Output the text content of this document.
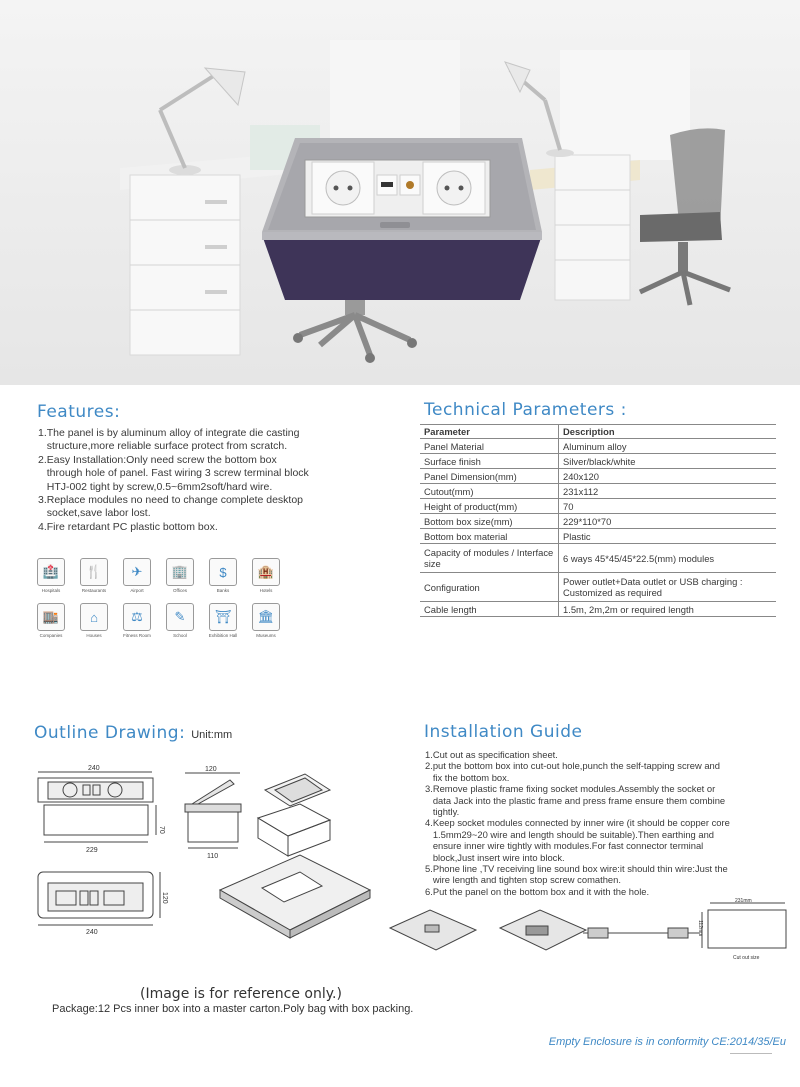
Features:
1.The panel is by aluminum alloy of integrate die casting
structure,more reliable surface protect from scratch.
2.Easy Installation:Only need screw the bottom box
through hole of panel. Fast wiring 3 screw terminal block
HTJ-002 tight by screw,0.5~6mm2soft/hard wire.
3.Replace modules no need to change complete desktop
socket,save labor lost.
4.Fire retardant PC plastic bottom box.
🏥
Hospitals
🍴
Restaurants
✈
Airport
🏢
Offices
$
Banks
🏨
Hotels
🏬
Companies
⌂
Houses
⚖
Fitness Room
✎
School
⛩
Exhibition Hall
🏛
Museums
Technical Parameters :
Parameter	Description
Panel Material	Aluminum alloy
Surface finish	Silver/black/white
Panel Dimension(mm)	240x120
Cutout(mm)	231x112
Height of product(mm)	70
Bottom box size(mm)	229*110*70
Bottom box material	Plastic
Capacity of modules / Interface size	6 ways 45*45/45*22.5(mm) modules
Configuration	Power outlet+Data outlet or USB charging : Customized as required
Cable length	1.5m, 2m,2m or required length
Outline Drawing: Unit:mm
240
229
70
120
240
120
110
231mm
112mm
Cut out size
Installation Guide
1.Cut out as specification sheet.
2.put the bottom box into cut-out hole,punch the self-tapping screw and
fix the bottom box.
3.Remove plastic frame fixing socket modules.Assembly the socket or
data Jack into the plastic frame and press frame ensure them combine
tightly.
4.Keep socket modules connected by inner wire (it should be copper core
1.5mm29~20 wire and length should be suitable).Then earthing and
ensure inner wire tightly with modules.For fast connector terminal
block,Just insert wire into block.
5.Phone line ,TV receiving line sound box wire:it should thin wire:Just the
wire length and tighten stop screw comathen.
6.Put the panel on the bottom box and it with the hole.
(Image is for reference only.)
Package:12 Pcs inner box into a master carton.Poly bag with box packing.
Empty Enclosure is in conformity CE:2014/35/Eu
